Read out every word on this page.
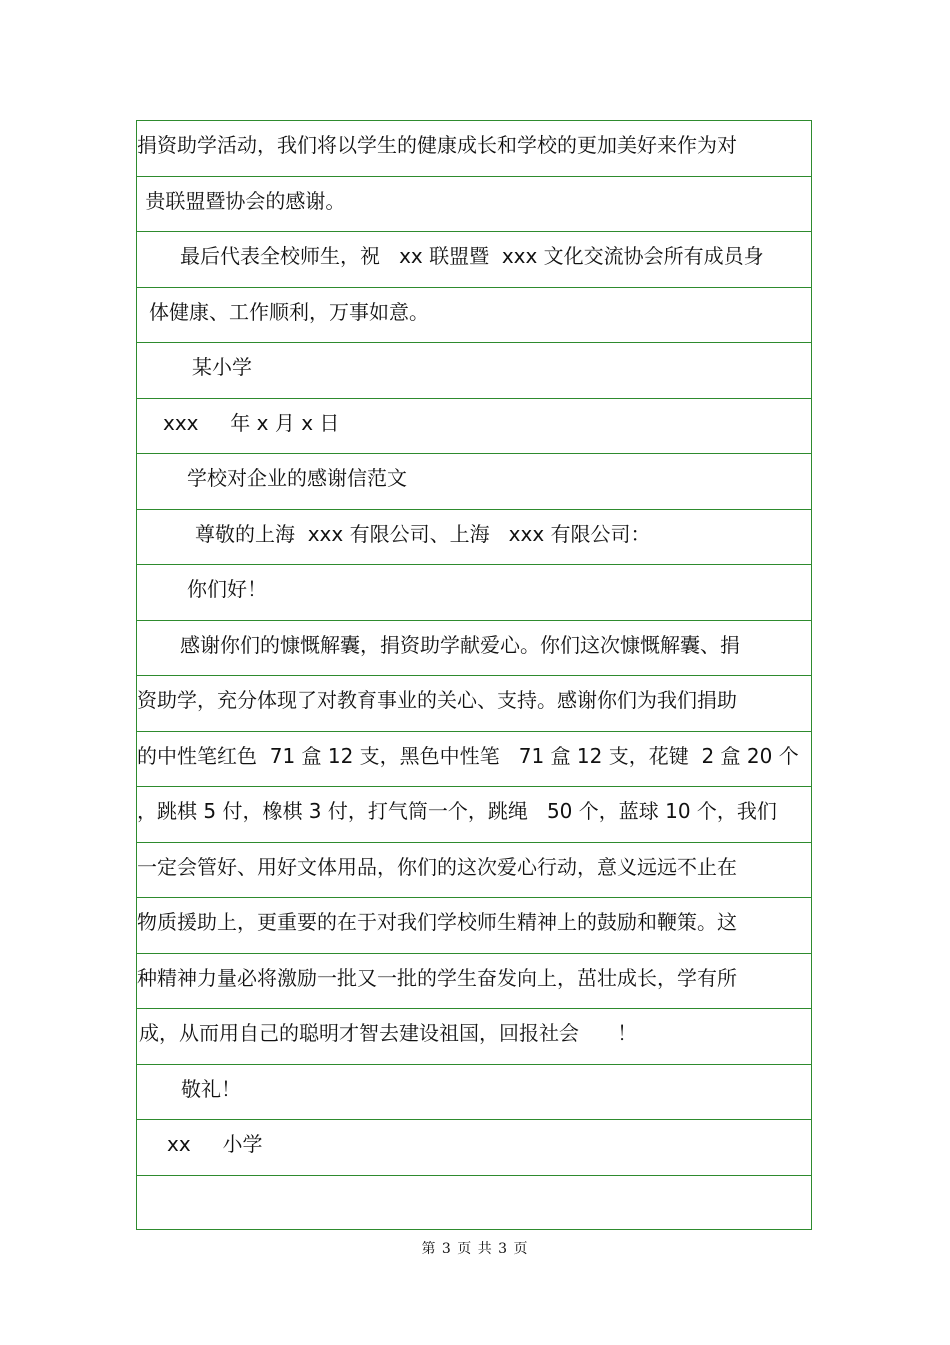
捐资助学活动，我们将以学生的健康成长和学校的更加美好来作为对
贵联盟暨协会的感谢。
最后代表全校师生，祝   xx 联盟暨  xxx 文化交流协会所有成员身
体健康、工作顺利，万事如意。
某小学
xxx     年 x 月 x 日
学校对企业的感谢信范文
尊敬的上海  xxx 有限公司、上海   xxx 有限公司：
你们好！
感谢你们的慷慨解囊，捐资助学献爱心。你们这次慷慨解囊、捐
资助学，充分体现了对教育事业的关心、支持。感谢你们为我们捐助
的中性笔红色  71 盒 12 支，黑色中性笔   71 盒 12 支，花键  2 盒 20 个
，跳棋 5 付，橡棋 3 付，打气筒一个，跳绳   50 个，蓝球 10 个，我们
一定会管好、用好文体用品，你们的这次爱心行动，意义远远不止在
物质援助上，更重要的在于对我们学校师生精神上的鼓励和鞭策。这
种精神力量必将激励一批又一批的学生奋发向上，茁壮成长，学有所
成，从而用自己的聪明才智去建设祖国，回报社会      ！
敬礼！
xx     小学
第 3 页 共 3 页
